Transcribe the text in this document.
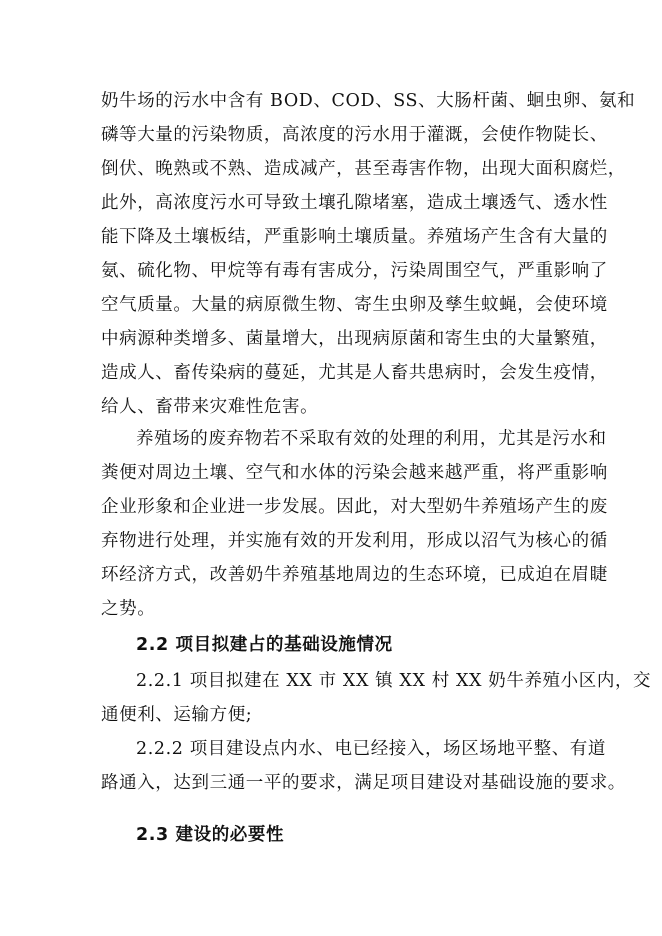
奶牛场的污水中含有 BOD、COD、SS、大肠杆菌、蛔虫卵、氨和
磷等大量的污染物质，高浓度的污水用于灌溉，会使作物陡长、
倒伏、晚熟或不熟、造成减产，甚至毒害作物，出现大面积腐烂，
此外，高浓度污水可导致土壤孔隙堵塞，造成土壤透气、透水性
能下降及土壤板结，严重影响土壤质量。养殖场产生含有大量的
氨、硫化物、甲烷等有毒有害成分，污染周围空气，严重影响了
空气质量。大量的病原微生物、寄生虫卵及孳生蚊蝇，会使环境
中病源种类增多、菌量增大，出现病原菌和寄生虫的大量繁殖，
造成人、畜传染病的蔓延，尤其是人畜共患病时，会发生疫情，
给人、畜带来灾难性危害。
养殖场的废弃物若不采取有效的处理的利用，尤其是污水和
粪便对周边土壤、空气和水体的污染会越来越严重，将严重影响
企业形象和企业进一步发展。因此，对大型奶牛养殖场产生的废
弃物进行处理，并实施有效的开发利用，形成以沼气为核心的循
环经济方式，改善奶牛养殖基地周边的生态环境，已成迫在眉睫
之势。
2.2 项目拟建占的基础设施情况
2.2.1 项目拟建在 XX 市 XX 镇 XX 村 XX 奶牛养殖小区内，交
通便利、运输方便;
2.2.2 项目建设点内水、电已经接入，场区场地平整、有道
路通入，达到三通一平的要求，满足项目建设对基础设施的要求。
2.3 建设的必要性
